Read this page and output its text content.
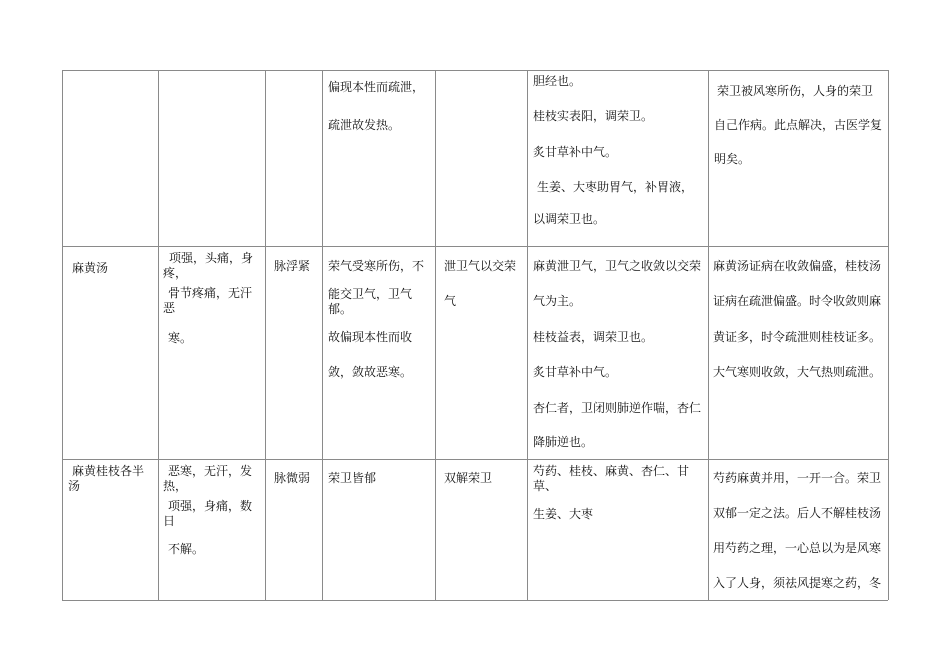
偏现本性而疏泄，
疏泄故发热。
胆经也。
桂枝实表阳，调荣卫。
炙甘草补中气。
生姜、大枣助胃气，补胃液，
以调荣卫也。
荣卫被风寒所伤，人身的荣卫
自己作病。此点解决，古医学复
明矣。
麻黄汤
项强，头痛，身
疼，
骨节疼痛，无汗
恶
寒。
脉浮紧 荣气受寒所伤，不
能交卫气，卫气
郁。
故偏现本性而收
敛，敛故恶寒。
泄卫气以交荣
气
麻黄泄卫气，卫气之收敛以交荣
气为主。
桂枝益表，调荣卫也。
炙甘草补中气。
杏仁者，卫闭则肺逆作喘，杏仁
降肺逆也。
麻黄汤证病在收敛偏盛，桂枝汤
证病在疏泄偏盛。时令收敛则麻
黄证多，时令疏泄则桂枝证多。
大气寒则收敛，大气热则疏泄。
麻黄桂枝各半
汤
恶寒，无汗，发
热，
项强，身痛，数
日
不解。
脉微弱 荣卫皆郁	双解荣卫	芍药、桂枝、麻黄、杏仁、甘
草、
生姜、大枣
芍药麻黄并用，一开一合。荣卫
双郁一定之法。后人不解桂枝汤
用芍药之理，一心总以为是风寒
入了人身，须祛风提寒之药，冬
